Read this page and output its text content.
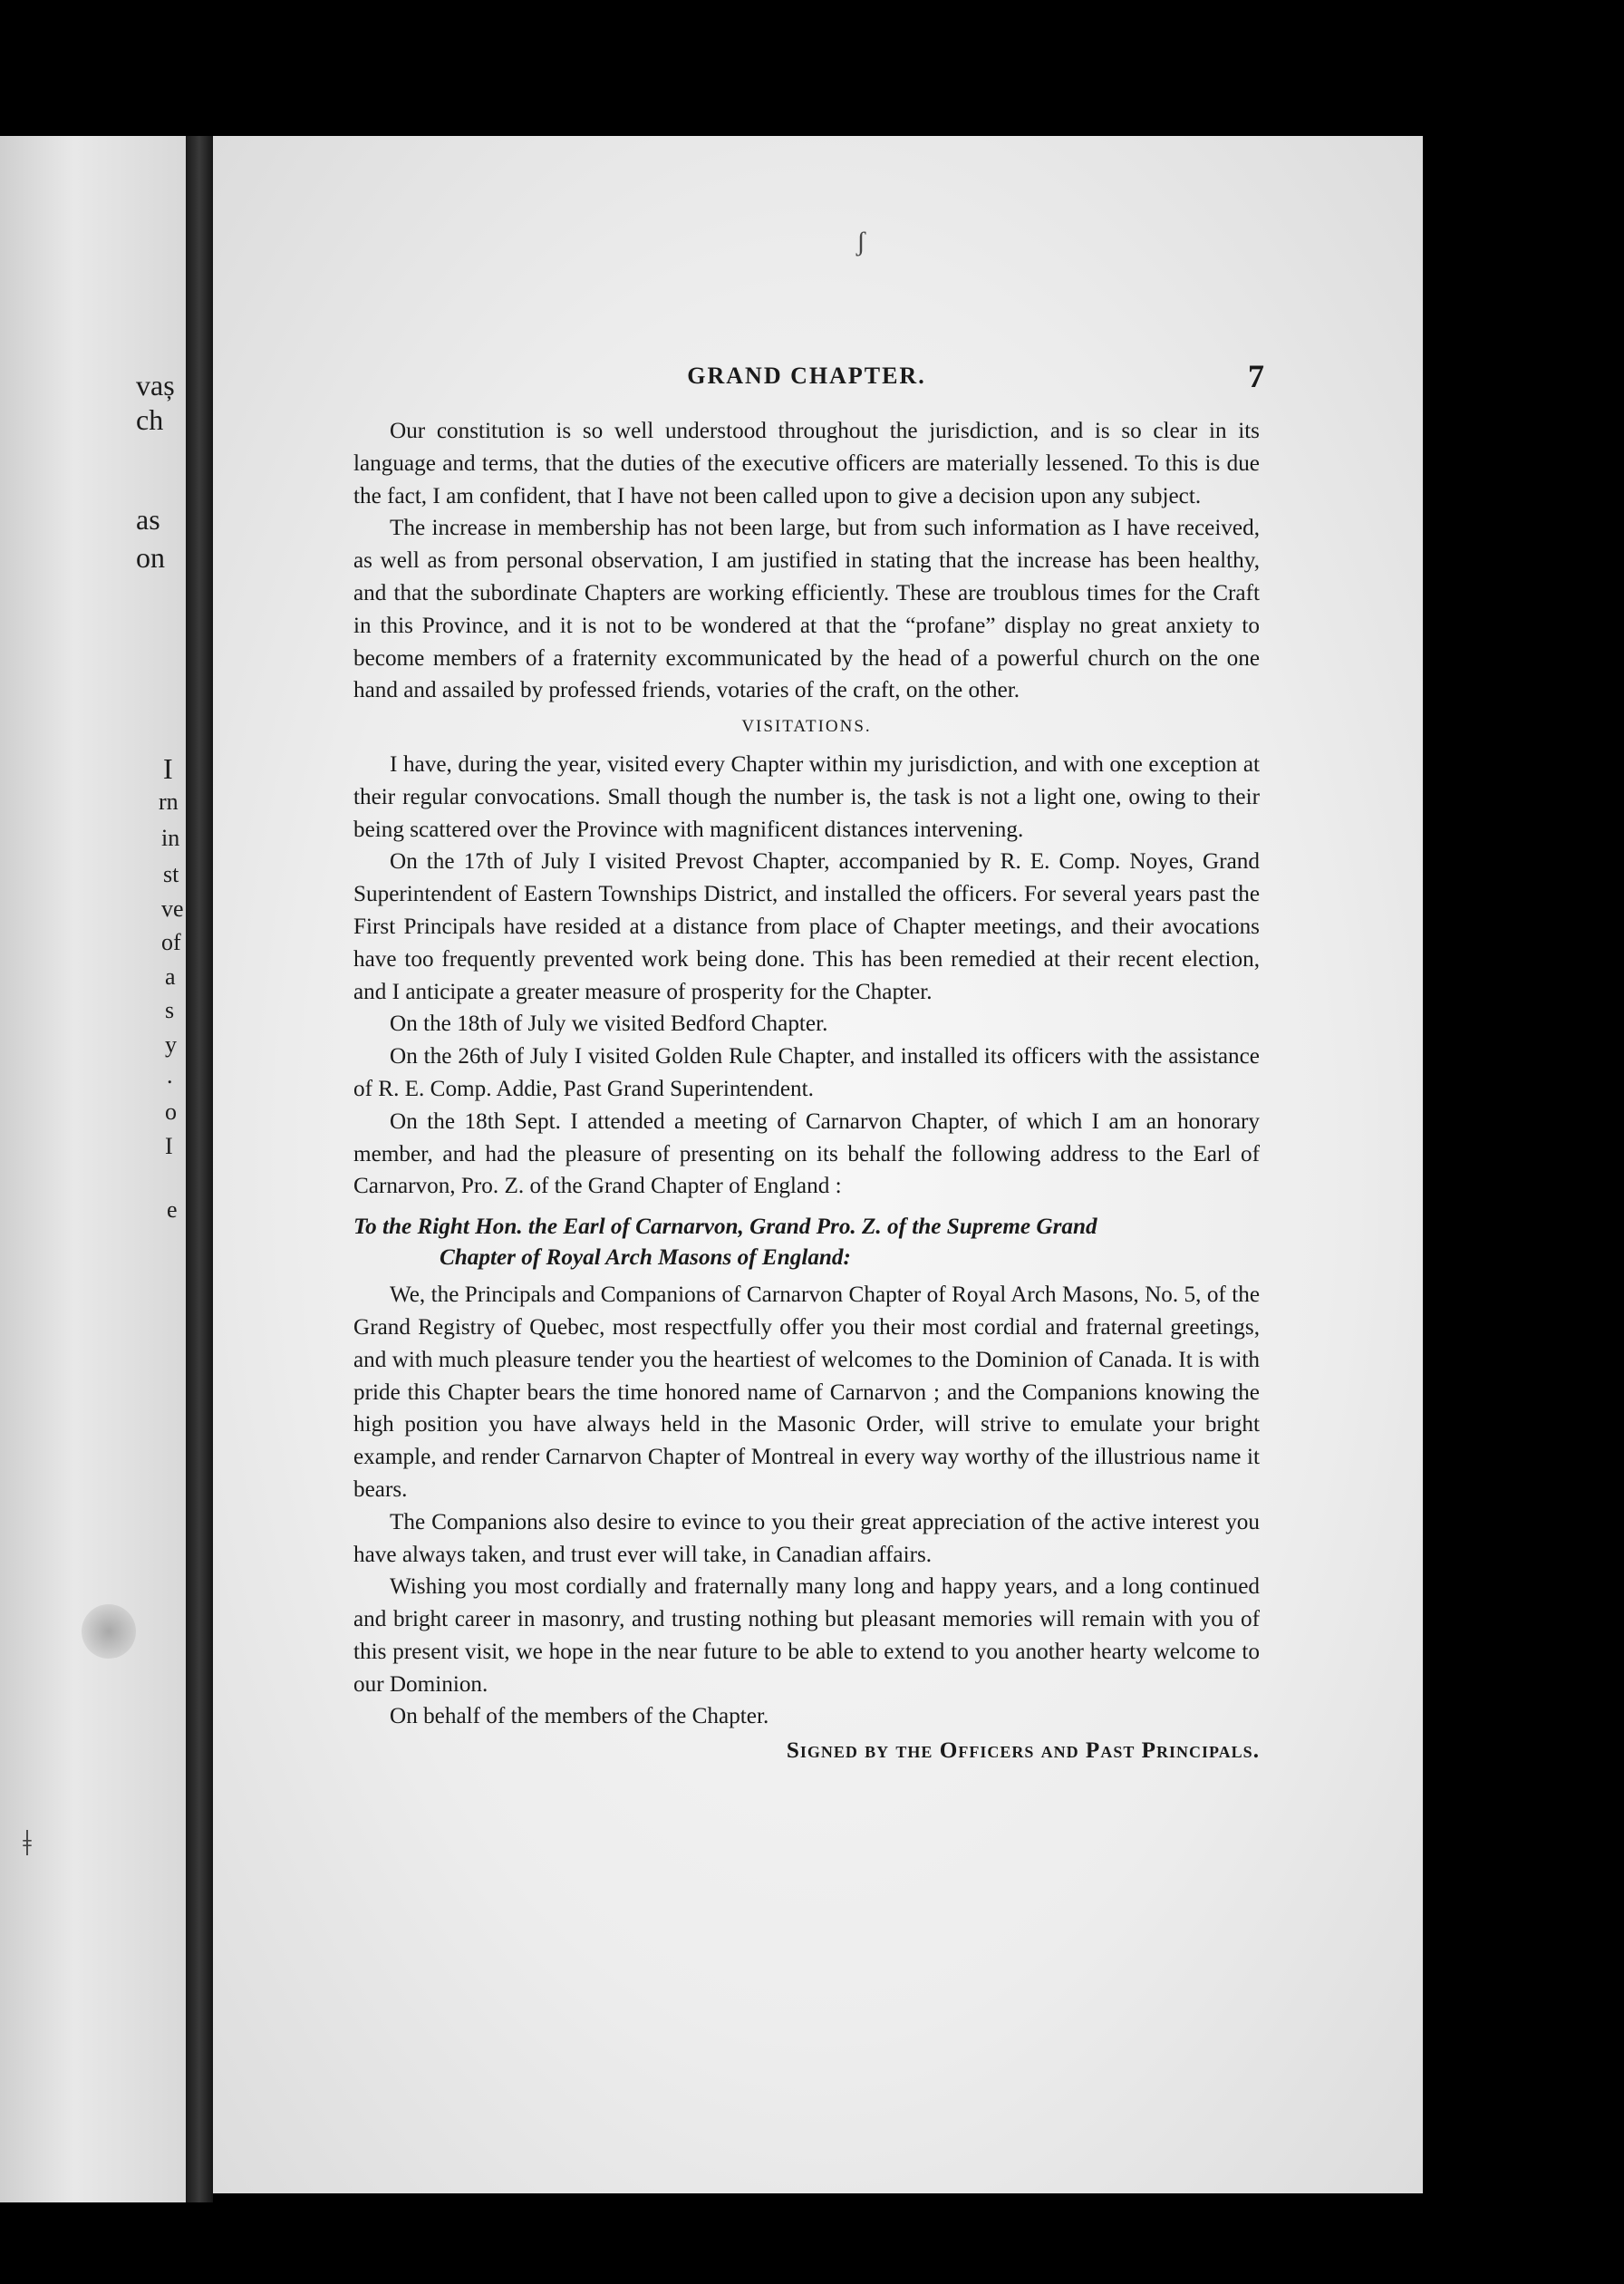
vaș
ch
as
on
I
rn
in
st
ve
of
a
s
y
.
o
I
e
ǂ
ʃ
GRAND CHAPTER.	7

Our constitution is so well understood throughout the jurisdiction, and is so clear in its language and terms, that the duties of the executive officers are materially lessened. To this is due the fact, I am confident, that I have not been called upon to give a decision upon any subject.

The increase in membership has not been large, but from such information as I have received, as well as from personal observation, I am justified in stating that the increase has been healthy, and that the subordinate Chapters are working efficiently. These are troublous times for the Craft in this Province, and it is not to be wondered at that the “profane” display no great anxiety to become members of a fraternity excommunicated by the head of a powerful church on the one hand and assailed by professed friends, votaries of the craft, on the other.

VISITATIONS.

I have, during the year, visited every Chapter within my jurisdiction, and with one exception at their regular convocations. Small though the number is, the task is not a light one, owing to their being scattered over the Province with magnificent distances intervening.

On the 17th of July I visited Prevost Chapter, accompanied by R. E. Comp. Noyes, Grand Superintendent of Eastern Townships District, and installed the officers. For several years past the First Principals have resided at a distance from place of Chapter meetings, and their avocations have too frequently prevented work being done. This has been remedied at their recent election, and I anticipate a greater measure of prosperity for the Chapter.

On the 18th of July we visited Bedford Chapter.

On the 26th of July I visited Golden Rule Chapter, and installed its officers with the assistance of R. E. Comp. Addie, Past Grand Superintendent.

On the 18th Sept. I attended a meeting of Carnarvon Chapter, of which I am an honorary member, and had the pleasure of presenting on its behalf the following address to the Earl of Carnarvon, Pro. Z. of the Grand Chapter of England :

To the Right Hon. the Earl of Carnarvon, Grand Pro. Z. of the Supreme Grand
Chapter of Royal Arch Masons of England:

We, the Principals and Companions of Carnarvon Chapter of Royal Arch Masons, No. 5, of the Grand Registry of Quebec, most respectfully offer you their most cordial and fraternal greetings, and with much pleasure tender you the heartiest of welcomes to the Dominion of Canada. It is with pride this Chapter bears the time honored name of Carnarvon ; and the Companions knowing the high position you have always held in the Masonic Order, will strive to emulate your bright example, and render Carnarvon Chapter of Montreal in every way worthy of the illustrious name it bears.

The Companions also desire to evince to you their great appreciation of the active interest you have always taken, and trust ever will take, in Canadian affairs.

Wishing you most cordially and fraternally many long and happy years, and a long continued and bright career in masonry, and trusting nothing but pleasant memories will remain with you of this present visit, we hope in the near future to be able to extend to you another hearty welcome to our Dominion.

On behalf of the members of the Chapter.

Signed by the Officers and Past Principals.
